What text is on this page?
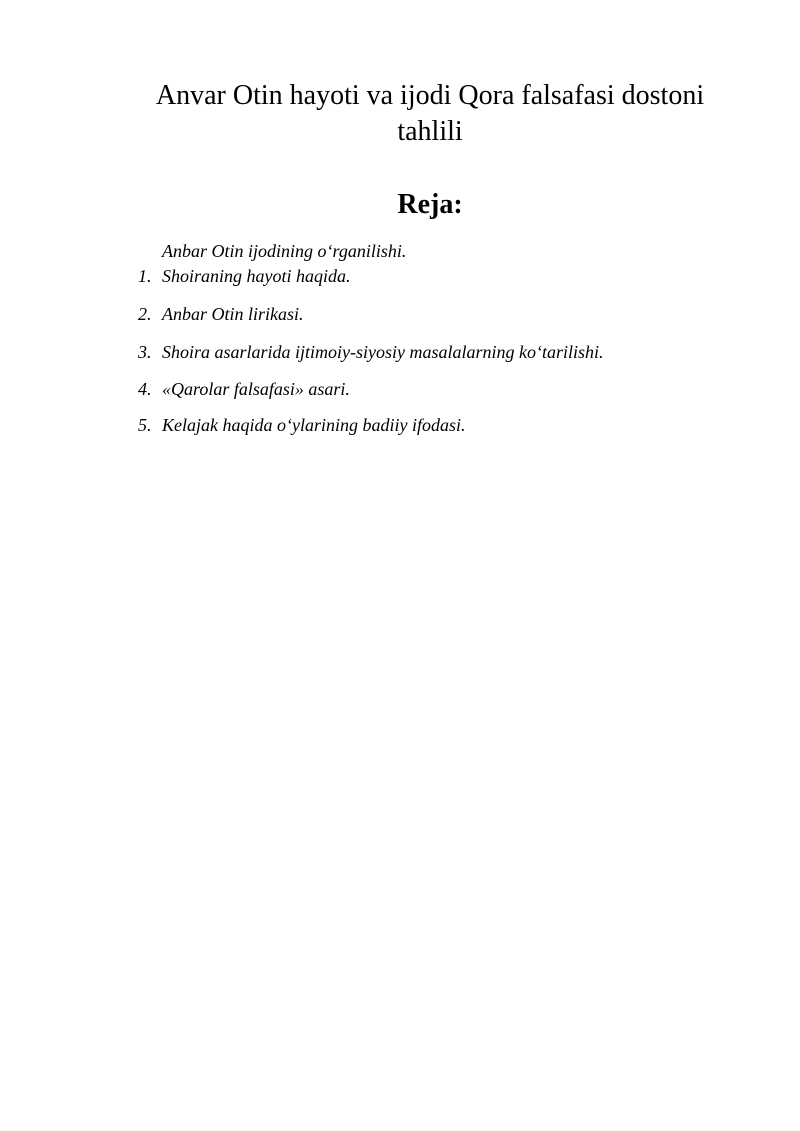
Anvar Otin hayoti va ijodi Qora falsafasi dostoni tahlili
Reja:

Anbar Otin ijodining o‘rganilishi.

1. Shoiraning hayoti haqida.
2. Anbar Otin lirikasi.
3. Shoira asarlarida ijtimoiy-siyosiy masalalarning ko‘tarilishi.
4. «Qarolar falsafasi» asari.
5. Kelajak haqida o‘ylarining badiiy ifodasi.
